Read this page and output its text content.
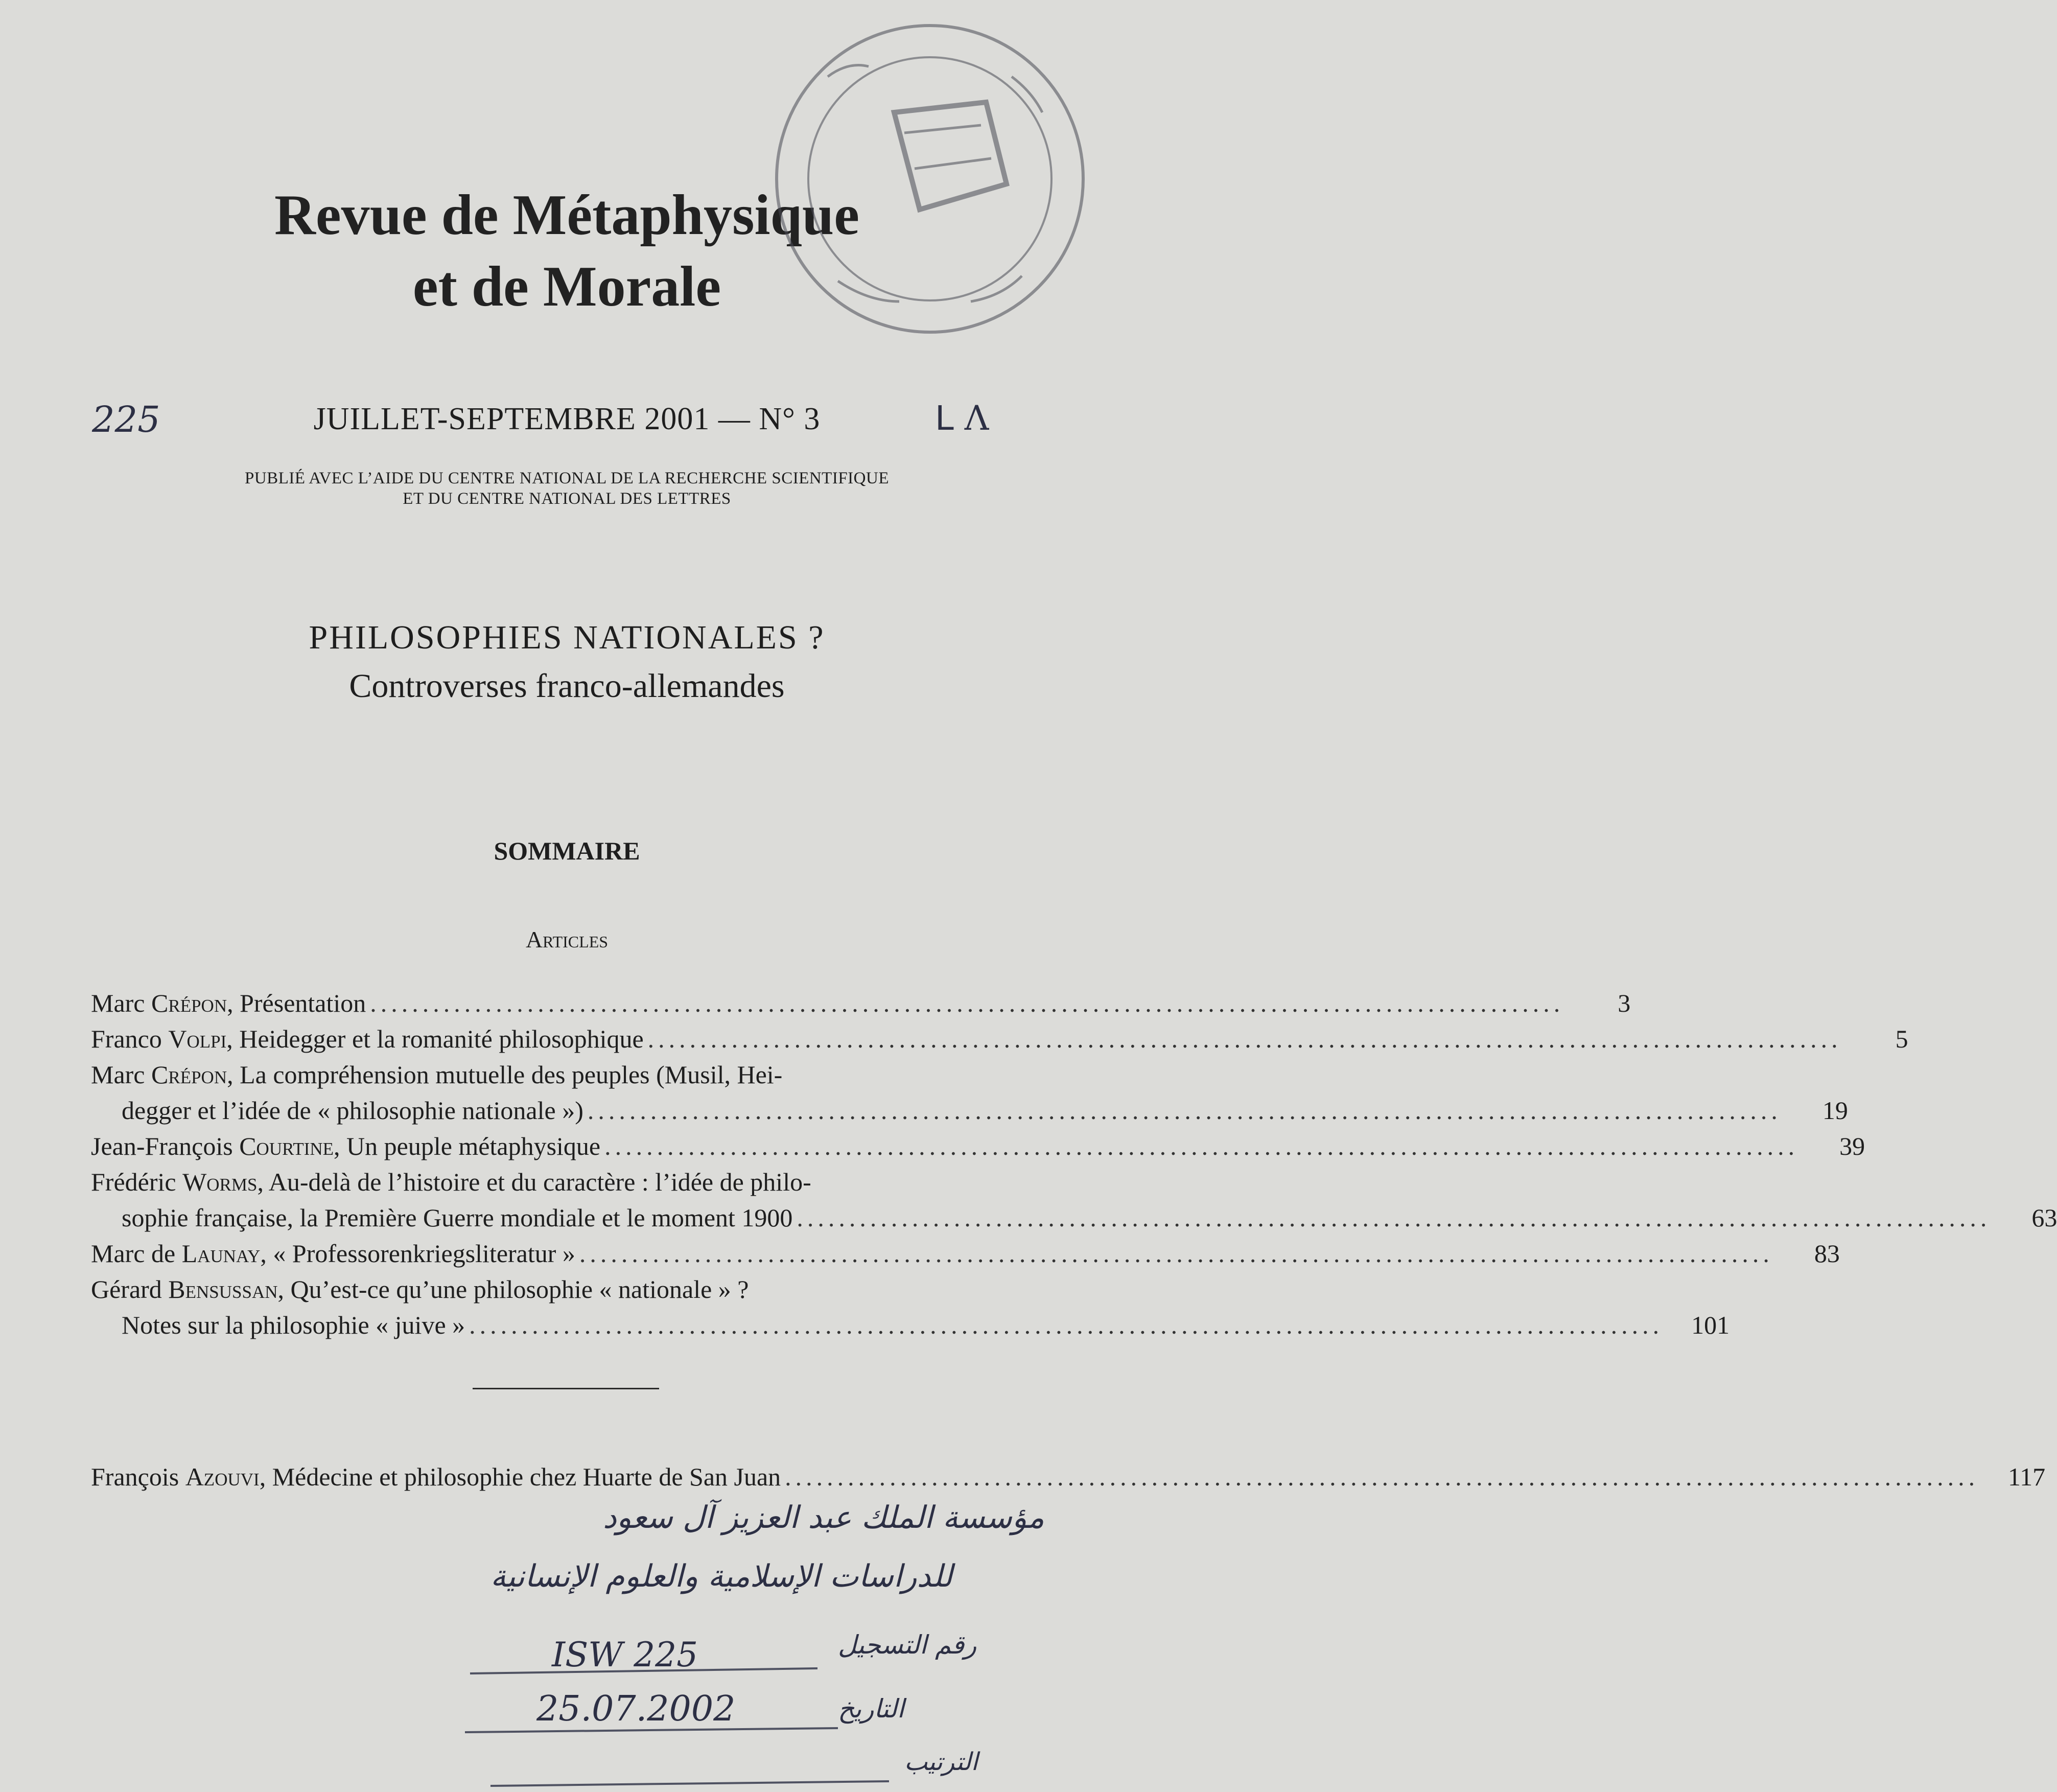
Revue de Métaphysique
et de Morale
225	JUILLET-SEPTEMBRE 2001 — N° 3	ᒪ Λ
PUBLIÉ AVEC L’AIDE DU CENTRE NATIONAL DE LA RECHERCHE SCIENTIFIQUE
ET DU CENTRE NATIONAL DES LETTRES
PHILOSOPHIES NATIONALES ?
Controverses franco-allemandes
SOMMAIRE
Articles
Marc Crépon, Présentation ..................................................................................................................	3
Franco Volpi, Heidegger et la romanité philosophique ..................................................................................................................	5
Marc Crépon, La compréhension mutuelle des peuples (Musil, Hei-
degger et l’idée de « philosophie nationale ») ..................................................................................................................	19
Jean-François Courtine, Un peuple métaphysique ..................................................................................................................	39
Frédéric Worms, Au-delà de l’histoire et du caractère : l’idée de philo-
sophie française, la Première Guerre mondiale et le moment 1900 ..................................................................................................................	63
Marc de Launay, « Professorenkriegsliteratur » ..................................................................................................................	83
Gérard Bensussan, Qu’est-ce qu’une philosophie « nationale » ?
Notes sur la philosophie « juive » ..................................................................................................................	101
François Azouvi, Médecine et philosophie chez Huarte de San Juan ..................................................................................................................	117
مؤسسة الملك عبد العزيز آل سعود
للدراسات الإسلامية والعلوم الإنسانية
رقم التسجيل
ISW 225
التاريخ
25.07.2002
الترتيب
